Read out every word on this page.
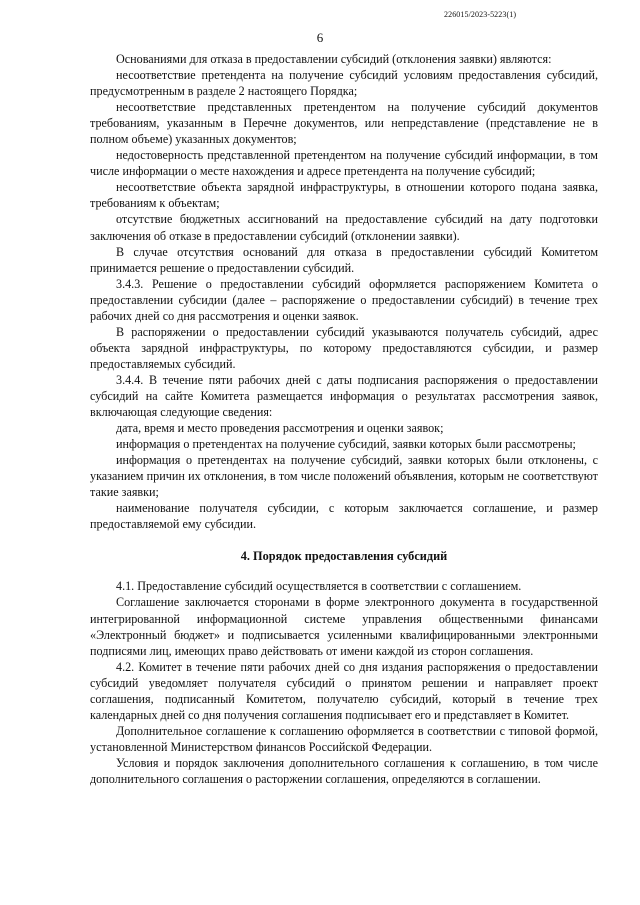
226015/2023-5223(1)
6

Основаниями для отказа в предоставлении субсидий (отклонения заявки) являются:

несоответствие претендента на получение субсидий условиям предоставления субсидий, предусмотренным в разделе 2 настоящего Порядка;

несоответствие представленных претендентом на получение субсидий документов требованиям, указанным в Перечне документов, или непредставление (представление не в полном объеме) указанных документов;

недостоверность представленной претендентом на получение субсидий информации, в том числе информации о месте нахождения и адресе претендента на получение субсидий;

несоответствие объекта зарядной инфраструктуры, в отношении которого подана заявка, требованиям к объектам;

отсутствие бюджетных ассигнований на предоставление субсидий на дату подготовки заключения об отказе в предоставлении субсидий (отклонении заявки).

В случае отсутствия оснований для отказа в предоставлении субсидий Комитетом принимается решение о предоставлении субсидий.

3.4.3. Решение о предоставлении субсидий оформляется распоряжением Комитета о предоставлении субсидии (далее – распоряжение о предоставлении субсидий) в течение трех рабочих дней со дня рассмотрения и оценки заявок.

В распоряжении о предоставлении субсидий указываются получатель субсидий, адрес объекта зарядной инфраструктуры, по которому предоставляются субсидии, и размер предоставляемых субсидий.

3.4.4. В течение пяти рабочих дней с даты подписания распоряжения о предоставлении субсидий на сайте Комитета размещается информация о результатах рассмотрения заявок, включающая следующие сведения:

дата, время и место проведения рассмотрения и оценки заявок;

информация о претендентах на получение субсидий, заявки которых были рассмотрены;

информация о претендентах на получение субсидий, заявки которых были отклонены, с указанием причин их отклонения, в том числе положений объявления, которым не соответствуют такие заявки;

наименование получателя субсидии, с которым заключается соглашение, и размер предоставляемой ему субсидии.

4. Порядок предоставления субсидий

4.1. Предоставление субсидий осуществляется в соответствии с соглашением.

Соглашение заключается сторонами в форме электронного документа в государственной интегрированной информационной системе управления общественными финансами «Электронный бюджет» и подписывается усиленными квалифицированными электронными подписями лиц, имеющих право действовать от имени каждой из сторон соглашения.

4.2. Комитет в течение пяти рабочих дней со дня издания распоряжения о предоставлении субсидий уведомляет получателя субсидий о принятом решении и направляет проект соглашения, подписанный Комитетом, получателю субсидий, который в течение трех календарных дней со дня получения соглашения подписывает его и представляет в Комитет.

Дополнительное соглашение к соглашению оформляется в соответствии с типовой формой, установленной Министерством финансов Российской Федерации.

Условия и порядок заключения дополнительного соглашения к соглашению, в том числе дополнительного соглашения о расторжении соглашения, определяются в соглашении.
